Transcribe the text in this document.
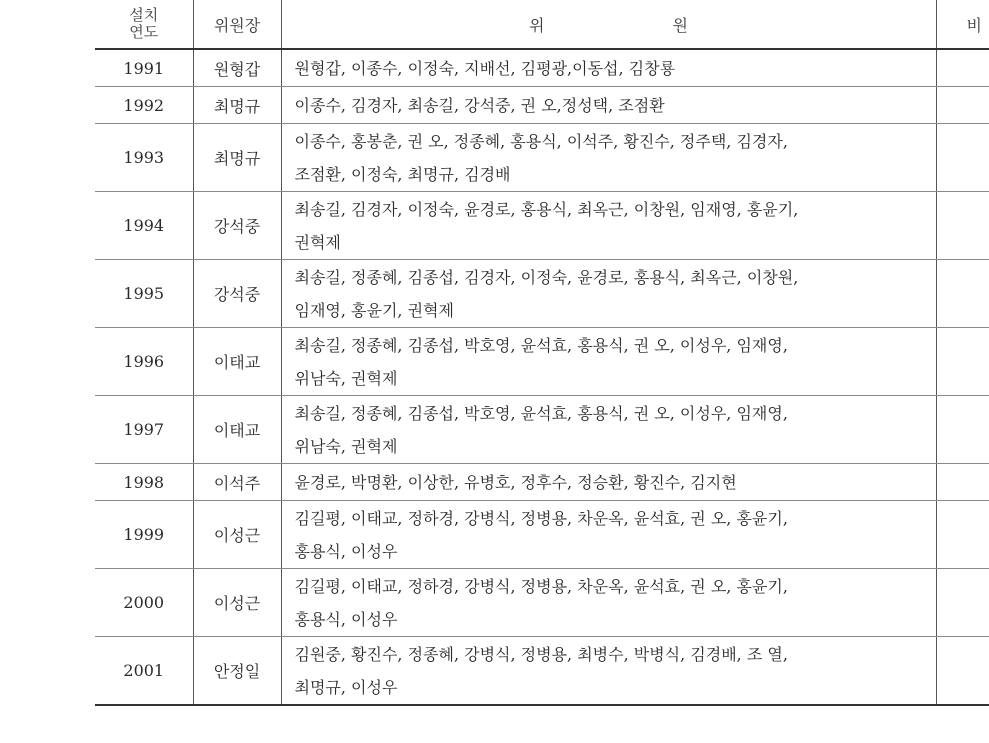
설치
연도	위원장	위 원	비
1991	원형갑	원형갑, 이종수, 이정숙, 지배선, 김평광,이동섭, 김창룡	

1992	최명규	이종수, 김경자, 최송길, 강석중, 권 오,정성택, 조점환	

1993	최명규	이종수, 홍봉춘, 권 오, 정종혜, 홍용식, 이석주, 황진수, 정주택, 김경자,
조점환, 이정숙, 최명규, 김경배	

1994	강석중	최송길, 김경자, 이정숙, 윤경로, 홍용식, 최옥근, 이창원, 임재영, 홍윤기,
권혁제	

1995	강석중	최송길, 정종혜, 김종섭, 김경자, 이정숙, 윤경로, 홍용식, 최옥근, 이창원,
임재영, 홍윤기, 권혁제	

1996	이태교	최송길, 정종혜, 김종섭, 박호영, 윤석효, 홍용식, 권 오, 이성우, 임재영,
위남숙, 권혁제	

1997	이태교	최송길, 정종혜, 김종섭, 박호영, 윤석효, 홍용식, 권 오, 이성우, 임재영,
위남숙, 권혁제	

1998	이석주	윤경로, 박명환, 이상한, 유병호, 정후수, 정승환, 황진수, 김지현	

1999	이성근	김길평, 이태교, 정하경, 강병식, 정병용, 차운옥, 윤석효, 권 오, 홍윤기,
홍용식, 이성우	

2000	이성근	김길평, 이태교, 정하경, 강병식, 정병용, 차운옥, 윤석효, 권 오, 홍윤기,
홍용식, 이성우	

2001	안정일	김원중, 황진수, 정종혜, 강병식, 정병용, 최병수, 박병식, 김경배, 조 열,
최명규, 이성우	
